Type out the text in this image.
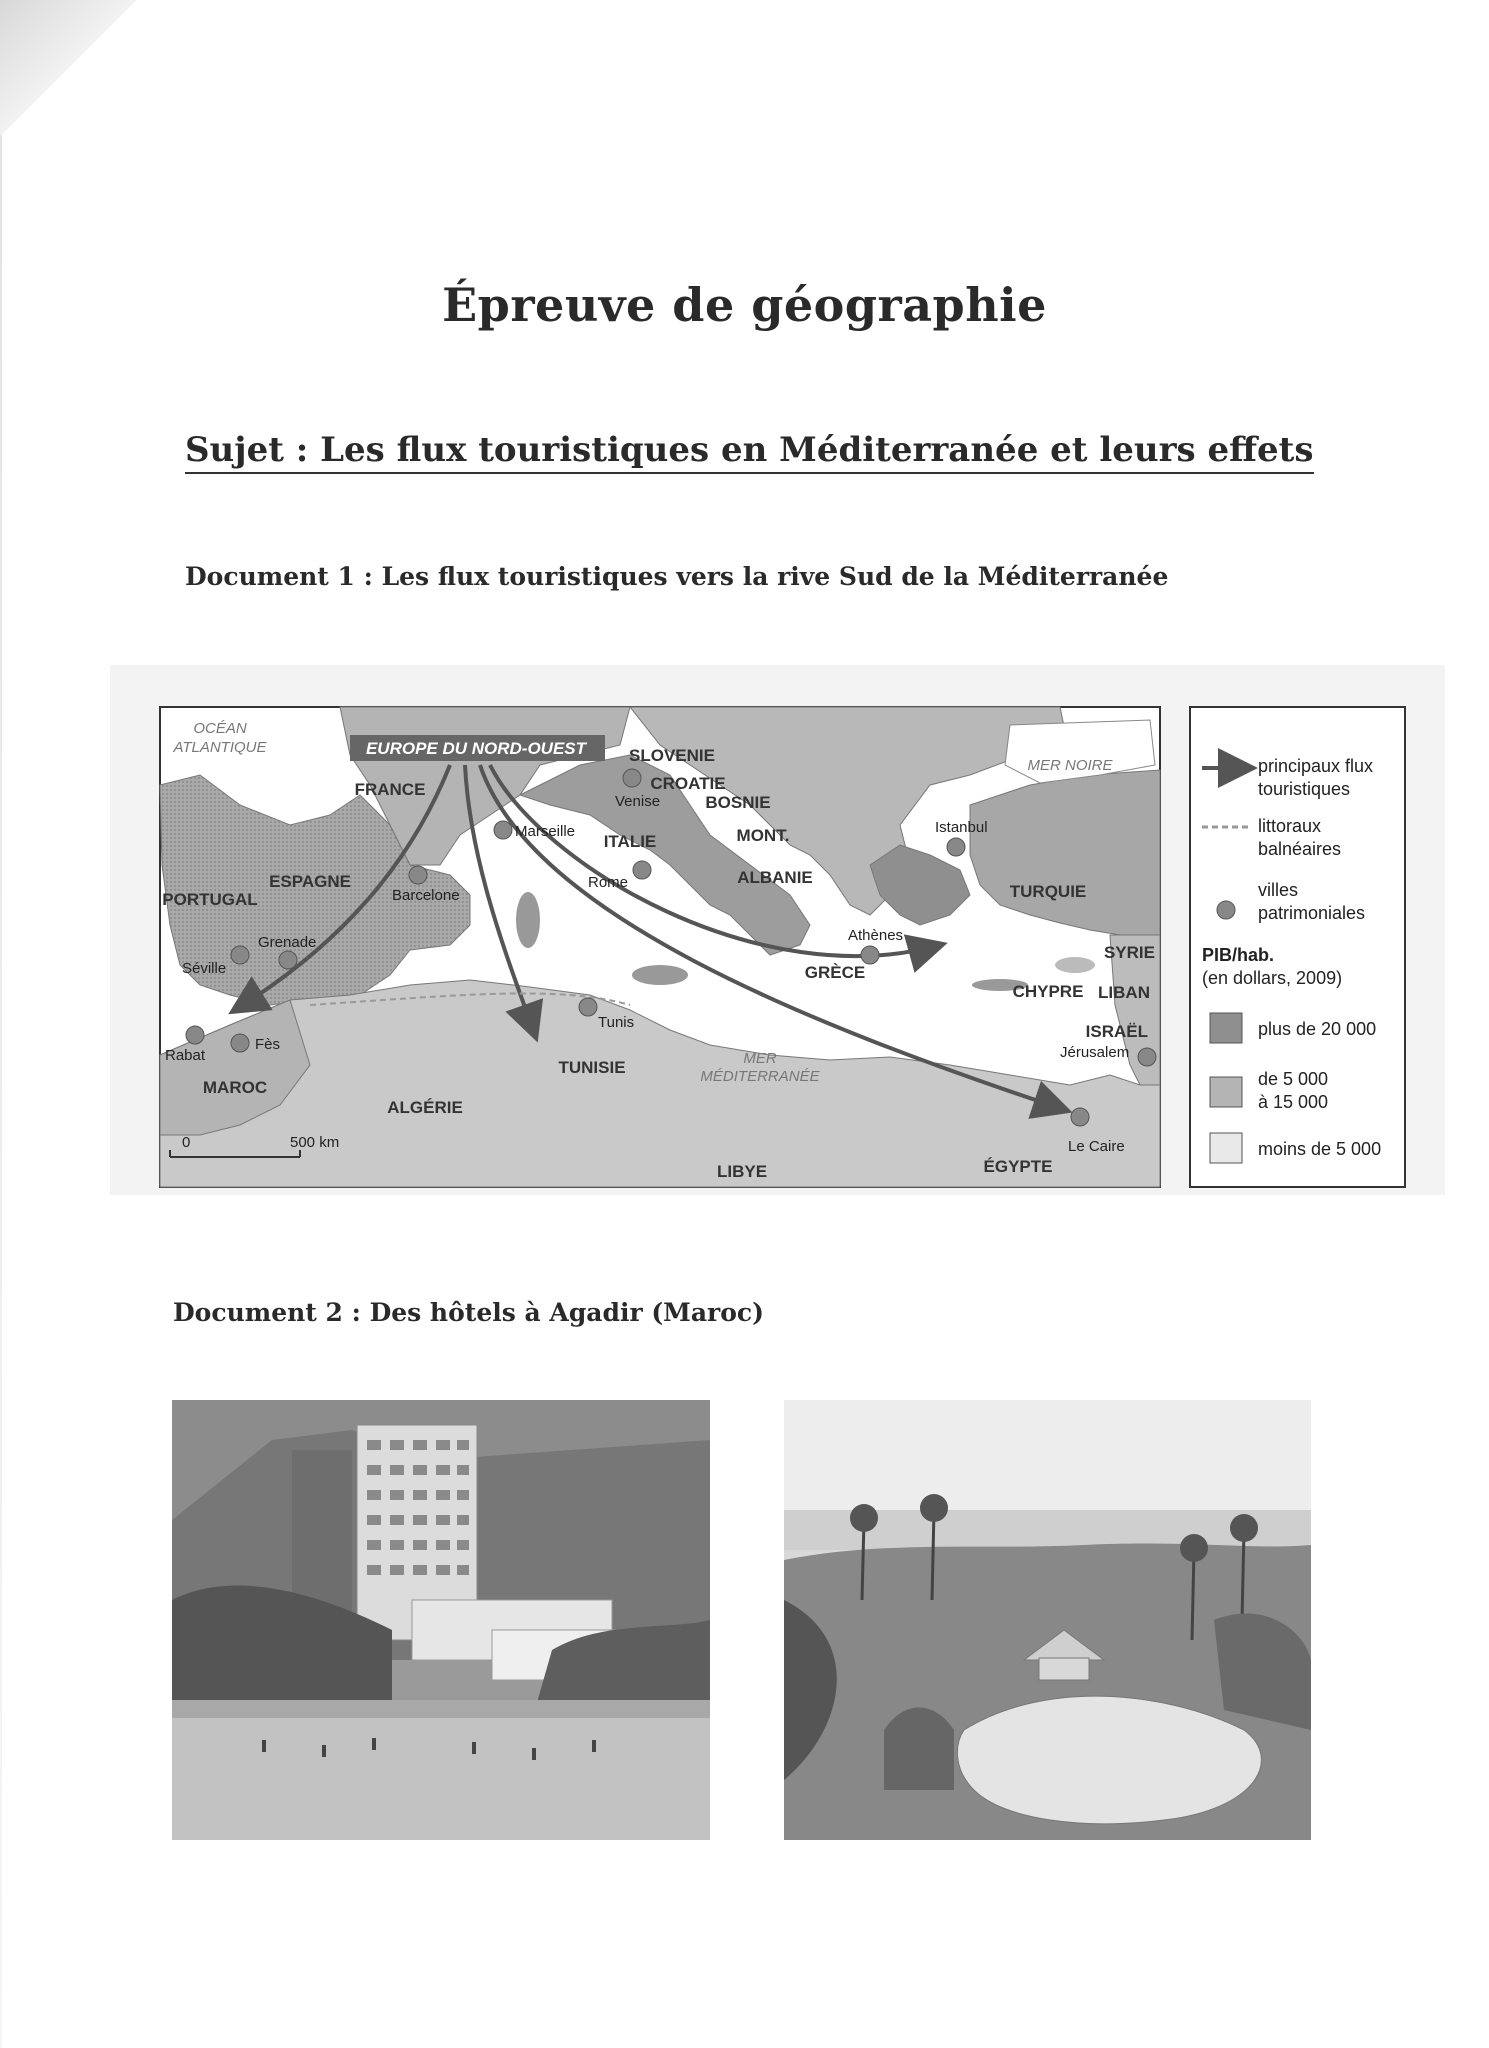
Épreuve de géographie
Sujet : Les flux touristiques en Méditerranée et leurs effets
Document 1 : Les flux touristiques vers la rive Sud de la Méditerranée
EUROPE DU NORD-OUEST
OCÉAN
ATLANTIQUE
MER NOIRE
MER
MÉDITERRANÉE
FRANCE
ESPAGNE
PORTUGAL
MAROC
ALGÉRIE
TUNISIE
LIBYE	ÉGYPTE
ITALIE
SLOVENIE
CROATIE
BOSNIE
MONT.
ALBANIE
GRÈCE
TURQUIE
CHYPRE
SYRIE
LIBAN
ISRAËL
Venise
Marseille
Barcelone
Rome
Grenade
Séville
Rabat
Fès
Tunis
Athènes
Istanbul
Jérusalem
Le Caire
0	500 km
principaux flux
touristiques
littoraux
balnéaires
villes
patrimoniales
PIB/hab.
(en dollars, 2009)
plus de 20 000
de 5 000
à 15 000
moins de 5 000
Document 2 : Des hôtels à Agadir (Maroc)
